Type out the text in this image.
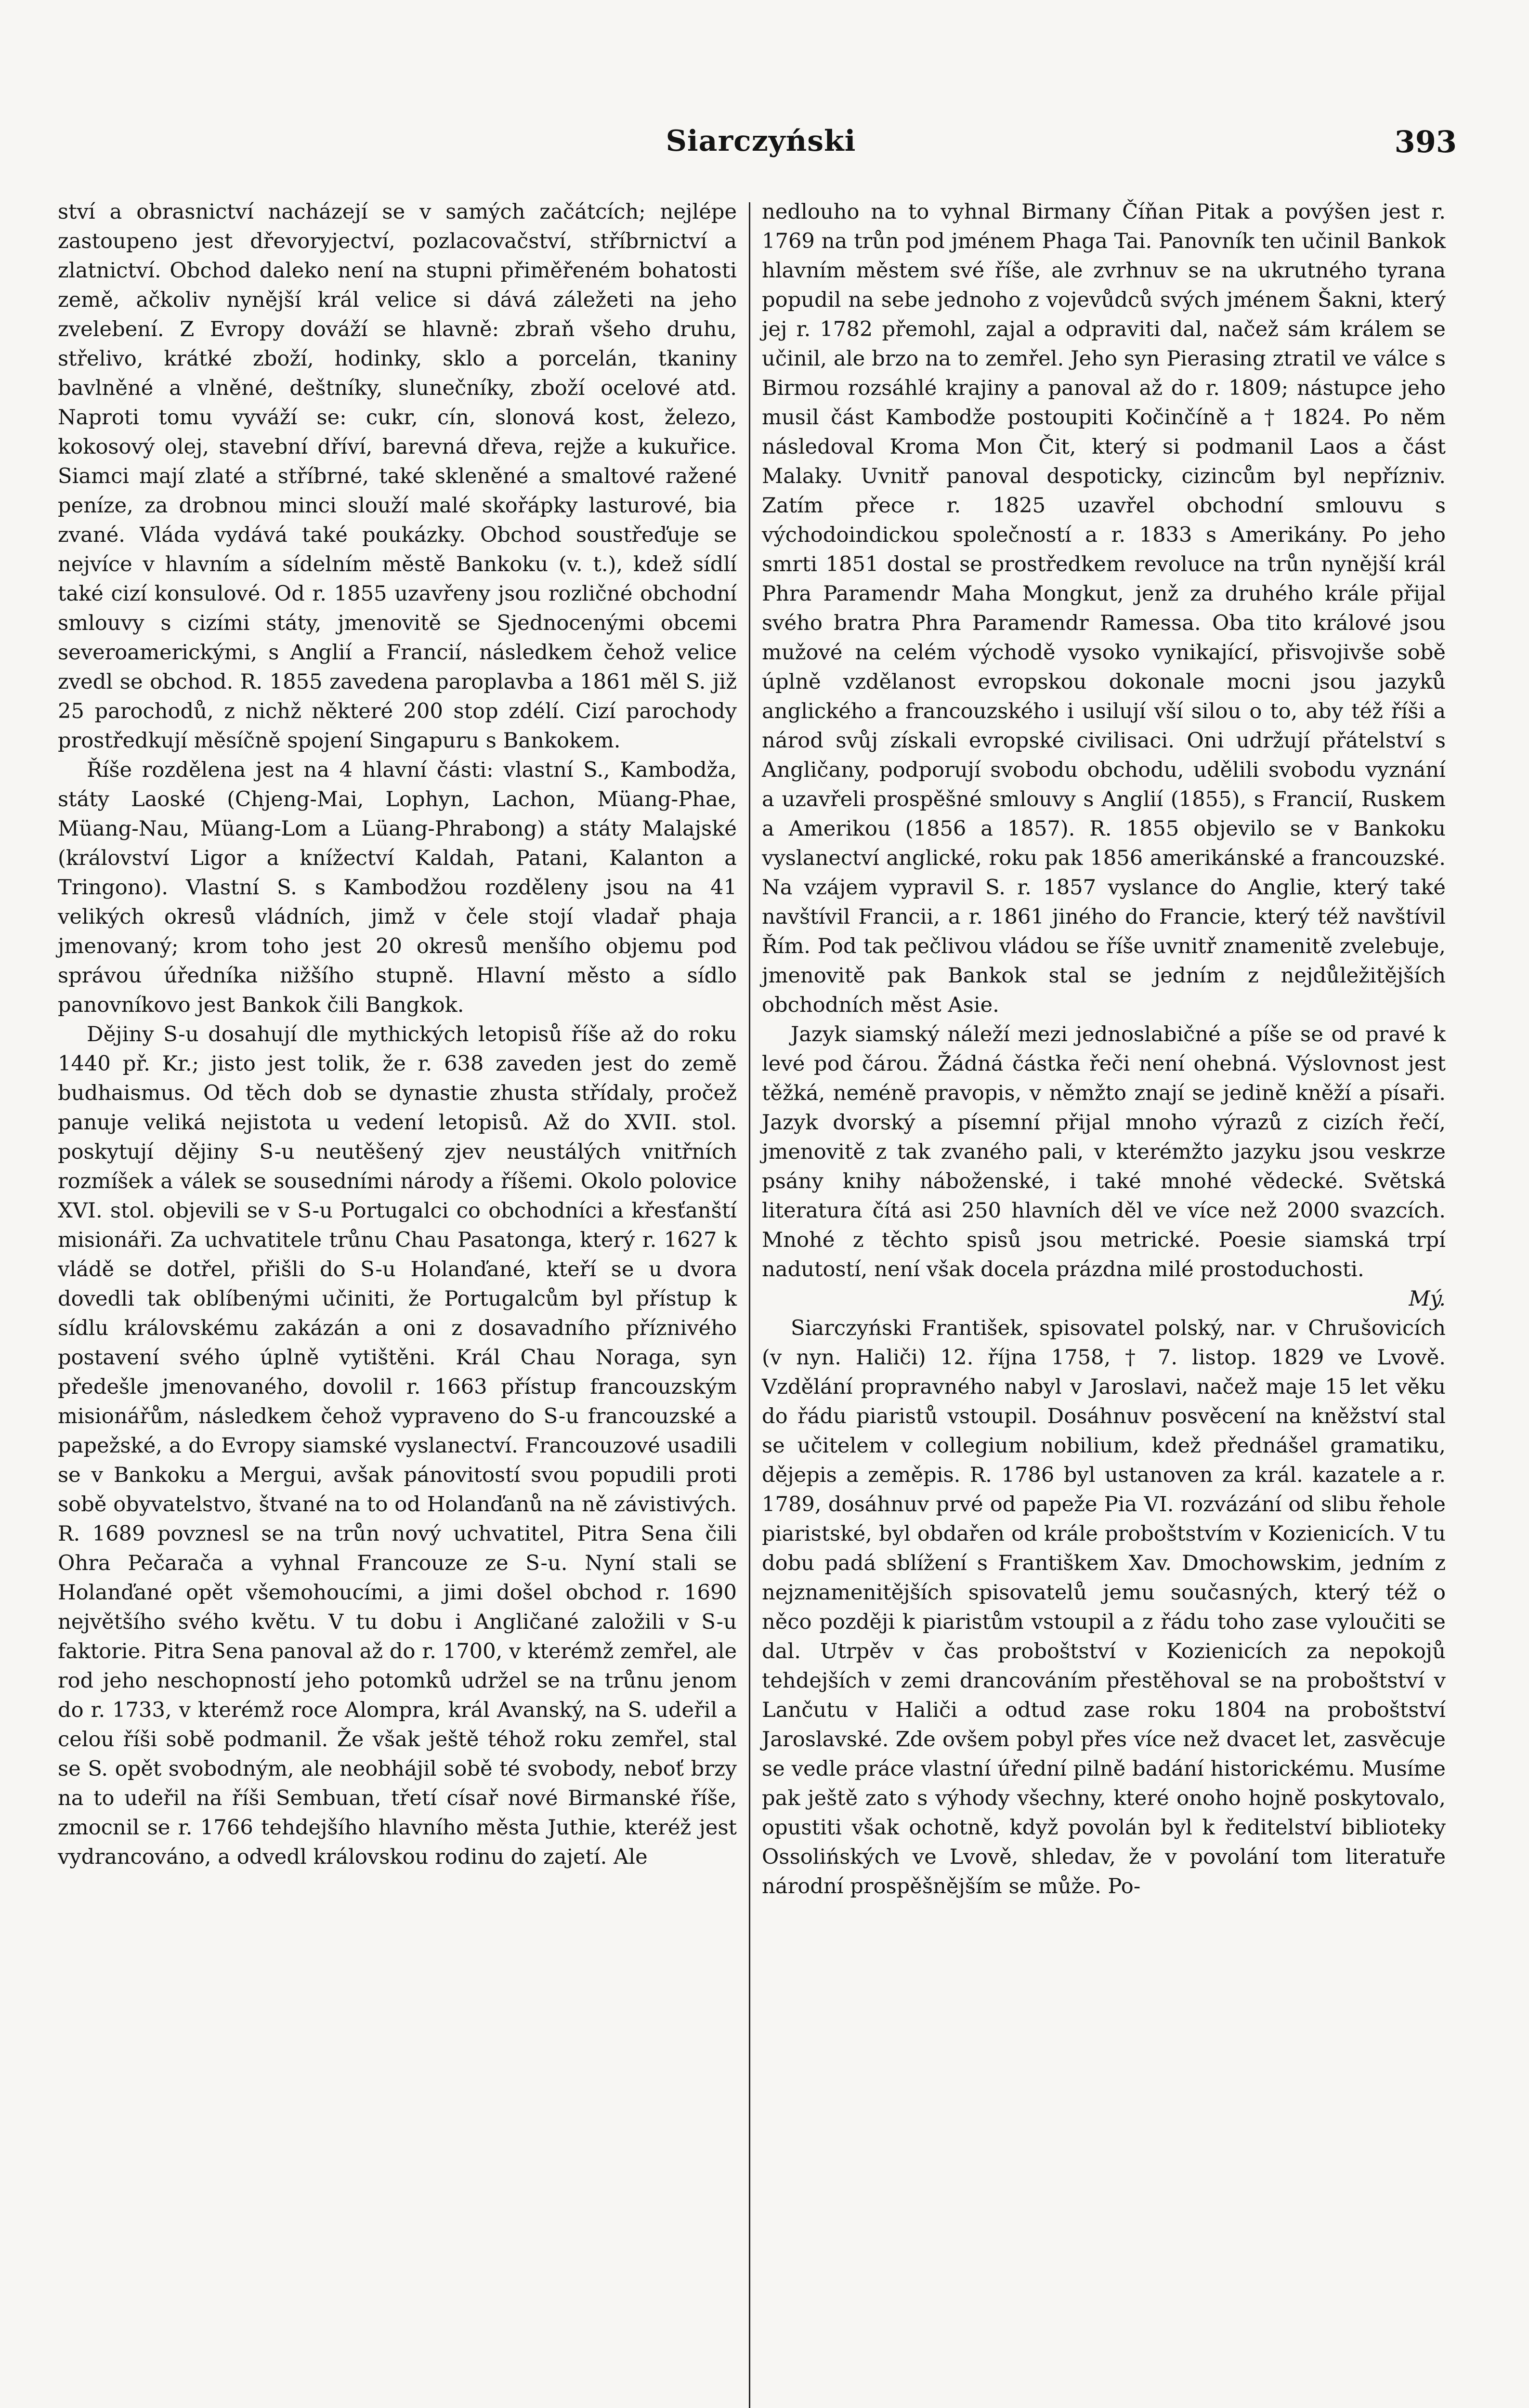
Siarczyński	393

ství a obrasnictví nacházejí se v samých začátcích; nejlépe zastoupeno jest dřevoryjectví, pozlacovačství, stříbrnictví a zlatnictví. Obchod daleko není na stupni přiměřeném bohatosti země, ačkoliv nynější král velice si dává záležeti na jeho zvelebení. Z Evropy dováží se hlavně: zbraň všeho druhu, střelivo, krátké zboží, hodinky, sklo a porcelán, tkaniny bavlněné a vlněné, deštníky, slunečníky, zboží ocelové atd. Naproti tomu vyváží se: cukr, cín, slonová kost, železo, kokosový olej, stavební dříví, barevná dřeva, rejže a kukuřice. Siamci mají zlaté a stříbrné, také skleněné a smaltové ražené peníze, za drobnou minci slouží malé skořápky lasturové, bia zvané. Vláda vydává také poukázky. Obchod soustřeďuje se nejvíce v hlavním a sídelním městě Bankoku (v. t.), kdež sídlí také cizí konsulové. Od r. 1855 uzavřeny jsou rozličné obchodní smlouvy s cizími státy, jmenovitě se Sjednocenými obcemi severoamerickými, s Anglií a Francií, následkem čehož velice zvedl se obchod. R. 1855 zavedena paroplavba a 1861 měl S. již 25 parochodů, z nichž některé 200 stop zdélí. Cizí parochody prostředkují měsíčně spojení Singapuru s Bankokem.

Říše rozdělena jest na 4 hlavní části: vlastní S., Kambodža, státy Laoské (Chjeng-Mai, Lophyn, Lachon, Müang-Phae, Müang-Nau, Müang-Lom a Lüang-Phrabong) a státy Malajské (království Ligor a knížectví Kaldah, Patani, Kalanton a Tringono). Vlastní S. s Kambodžou rozděleny jsou na 41 velikých okresů vládních, jimž v čele stojí vladař phaja jmenovaný; krom toho jest 20 okresů menšího objemu pod správou úředníka nižšího stupně. Hlavní město a sídlo panovníkovo jest Bankok čili Bangkok.

Dějiny S-u dosahují dle mythických letopisů říše až do roku 1440 př. Kr.; jisto jest tolik, že r. 638 zaveden jest do země budhaismus. Od těch dob se dynastie zhusta střídaly, pročež panuje veliká nejistota u vedení letopisů. Až do XVII. stol. poskytují dějiny S-u neutěšený zjev neustálých vnitřních rozmíšek a válek se sousedními národy a říšemi. Okolo polovice XVI. stol. objevili se v S-u Portugalci co obchodníci a křesťanští misionáři. Za uchvatitele trůnu Chau Pasatonga, který r. 1627 k vládě se dotřel, přišli do S-u Holanďané, kteří se u dvora dovedli tak oblíbenými učiniti, že Portugalcům byl přístup k sídlu královskému zakázán a oni z dosavadního příznivého postavení svého úplně vytištěni. Král Chau Noraga, syn předešle jmenovaného, dovolil r. 1663 přístup francouzským misionářům, následkem čehož vypraveno do S-u francouzské a papežské, a do Evropy siamské vyslanectví. Francouzové usadili se v Bankoku a Mergui, avšak pánovitostí svou popudili proti sobě obyvatelstvo, štvané na to od Holanďanů na ně závistivých. R. 1689 povznesl se na trůn nový uchvatitel, Pitra Sena čili Ohra Pečarača a vyhnal Francouze ze S-u. Nyní stali se Holanďané opět všemohoucími, a jimi došel obchod r. 1690 největšího svého květu. V tu dobu i Angličané založili v S-u faktorie. Pitra Sena panoval až do r. 1700, v kterémž zemřel, ale rod jeho neschopností jeho potomků udržel se na trůnu jenom do r. 1733, v kterémž roce Alompra, král Avanský, na S. udeřil a celou říši sobě podmanil. Že však ještě téhož roku zemřel, stal se S. opět svobodným, ale neobhájil sobě té svobody, neboť brzy na to udeřil na říši Sembuan, třetí císař nové Birmanské říše, zmocnil se r. 1766 tehdejšího hlavního města Juthie, kteréž jest vydrancováno, a odvedl královskou rodinu do zajetí. Ale

nedlouho na to vyhnal Birmany Číňan Pitak a povýšen jest r. 1769 na trůn pod jménem Phaga Tai. Panovník ten učinil Bankok hlavním městem své říše, ale zvrhnuv se na ukrutného tyrana popudil na sebe jednoho z vojevůdců svých jménem Šakni, který jej r. 1782 přemohl, zajal a odpraviti dal, načež sám králem se učinil, ale brzo na to zemřel. Jeho syn Pierasing ztratil ve válce s Birmou rozsáhlé krajiny a panoval až do r. 1809; nástupce jeho musil část Kambodže postoupiti Kočinčíně a † 1824. Po něm následoval Kroma Mon Čit, který si podmanil Laos a část Malaky. Uvnitř panoval despoticky, cizincům byl nepřízniv. Zatím přece r. 1825 uzavřel obchodní smlouvu s východoindickou společností a r. 1833 s Amerikány. Po jeho smrti 1851 dostal se prostředkem revoluce na trůn nynější král Phra Paramendr Maha Mongkut, jenž za druhého krále přijal svého bratra Phra Paramendr Ramessa. Oba tito králové jsou mužové na celém východě vysoko vynikající, přisvojivše sobě úplně vzdělanost evropskou dokonale mocni jsou jazyků anglického a francouzského i usilují vší silou o to, aby též říši a národ svůj získali evropské civilisaci. Oni udržují přátelství s Angličany, podporují svobodu obchodu, udělili svobodu vyznání a uzavřeli prospěšné smlouvy s Anglií (1855), s Francií, Ruskem a Amerikou (1856 a 1857). R. 1855 objevilo se v Bankoku vyslanectví anglické, roku pak 1856 amerikánské a francouzské. Na vzájem vypravil S. r. 1857 vyslance do Anglie, který také navštívil Francii, a r. 1861 jiného do Francie, který též navštívil Řím. Pod tak pečlivou vládou se říše uvnitř znamenitě zvelebuje, jmenovitě pak Bankok stal se jedním z nejdůležitějších obchodních měst Asie.

Jazyk siamský náleží mezi jednoslabičné a píše se od pravé k levé pod čárou. Žádná částka řeči není ohebná. Výslovnost jest těžká, neméně pravopis, v němžto znají se jedině kněží a písaři. Jazyk dvorský a písemní přijal mnoho výrazů z cizích řečí, jmenovitě z tak zvaného pali, v kterémžto jazyku jsou veskrze psány knihy náboženské, i také mnohé vědecké. Světská literatura čítá asi 250 hlavních děl ve více než 2000 svazcích. Mnohé z těchto spisů jsou metrické. Poesie siamská trpí nadutostí, není však docela prázdna milé prostoduchosti.

Mý.

Siarczyński František, spisovatel polský, nar. v Chrušovicích (v nyn. Haliči) 12. října 1758, † 7. listop. 1829 ve Lvově. Vzdělání propravného nabyl v Jaroslavi, načež maje 15 let věku do řádu piaristů vstoupil. Dosáhnuv posvěcení na kněžství stal se učitelem v collegium nobilium, kdež přednášel gramatiku, dějepis a zeměpis. R. 1786 byl ustanoven za král. kazatele a r. 1789, dosáhnuv prvé od papeže Pia VI. rozvázání od slibu řehole piaristské, byl obdařen od krále proboštstvím v Kozienicích. V tu dobu padá sblížení s Františkem Xav. Dmochowskim, jedním z nejznamenitějších spisovatelů jemu současných, který též o něco později k piaristům vstoupil a z řádu toho zase vyloučiti se dal. Utrpěv v čas proboštství v Kozienicích za nepokojů tehdejších v zemi drancováním přestěhoval se na proboštství v Lančutu v Haliči a odtud zase roku 1804 na proboštství Jaroslavské. Zde ovšem pobyl přes více než dvacet let, zasvěcuje se vedle práce vlastní úřední pilně badání historickému. Musíme pak ještě zato s výhody všechny, které onoho hojně poskytovalo, opustiti však ochotně, když povolán byl k ředitelství biblioteky Ossolińských ve Lvově, shledav, že v povolání tom literatuře národní prospěšnějším se může. Po-
